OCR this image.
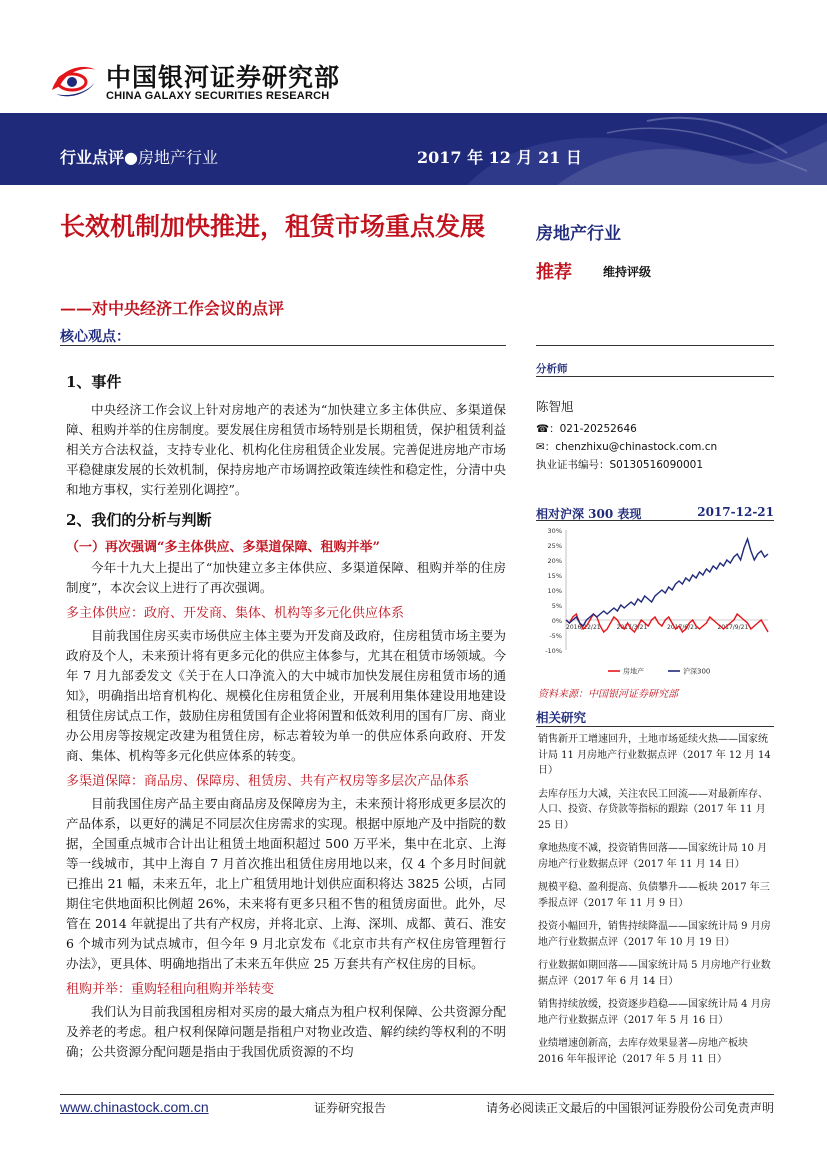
中国银河证券研究部
CHINA GALAXY SECURITIES RESEARCH
行业点评●房地产行业	2017 年 12 月 21 日
长效机制加快推进，租赁市场重点发展
——对中央经济工作会议的点评
核心观点：
1、事件

中央经济工作会议上针对房地产的表述为“加快建立多主体供应、多渠道保障、租购并举的住房制度。要发展住房租赁市场特别是长期租赁，保护租赁利益相关方合法权益，支持专业化、机构化住房租赁企业发展。完善促进房地产市场平稳健康发展的长效机制，保持房地产市场调控政策连续性和稳定性，分清中央和地方事权，实行差别化调控”。

2、我们的分析与判断
（一）再次强调“多主体供应、多渠道保障、租购并举”

今年十九大上提出了“加快建立多主体供应、多渠道保障、租购并举的住房制度”，本次会议上进行了再次强调。

多主体供应：政府、开发商、集体、机构等多元化供应体系

目前我国住房买卖市场供应主体主要为开发商及政府，住房租赁市场主要为政府及个人，未来预计将有更多元化的供应主体参与，尤其在租赁市场领域。今年 7 月九部委发文《关于在人口净流入的大中城市加快发展住房租赁市场的通知》，明确指出培育机构化、规模化住房租赁企业，开展利用集体建设用地建设租赁住房试点工作，鼓励住房租赁国有企业将闲置和低效利用的国有厂房、商业办公用房等按规定改建为租赁住房，标志着较为单一的供应体系向政府、开发商、集体、机构等多元化供应体系的转变。

多渠道保障：商品房、保障房、租赁房、共有产权房等多层次产品体系

目前我国住房产品主要由商品房及保障房为主，未来预计将形成更多层次的产品体系，以更好的满足不同层次住房需求的实现。根据中原地产及中指院的数据，全国重点城市合计出让租赁土地面积超过 500 万平米，集中在北京、上海等一线城市，其中上海自 7 月首次推出租赁住房用地以来，仅 4 个多月时间就已推出 21 幅，未来五年，北上广租赁用地计划供应面积将达 3825 公顷，占同期住宅供地面积比例超 26%，未来将有更多只租不售的租赁房面世。此外，尽管在 2014 年就提出了共有产权房，并将北京、上海、深圳、成都、黄石、淮安 6 个城市列为试点城市，但今年 9 月北京发布《北京市共有产权住房管理暂行办法》，更具体、明确地指出了未来五年供应 25 万套共有产权住房的目标。

租购并举：重购轻租向租购并举转变

我们认为目前我国租房相对买房的最大痛点为租户权利保障、公共资源分配及养老的考虑。租户权利保障问题是指租户对物业改造、解约续约等权利的不明确；公共资源分配问题是指由于我国优质资源的不均

房地产行业
推荐	维持评级
分析师
陈智旭
☎：021-20252646
✉：chenzhixu@chinastock.com.cn
执业证书编号：S0130516090001
相对沪深 300 表现	2017-12-21
30%
25%
20%
15%
10%
5%
0%
-5%
-10%
2016/12/21	2017/3/21	2017/6/21	2017/9/21
房地产	沪深300
资料来源：中国银河证券研究部
相关研究
销售新开工增速回升，土地市场延续火热——国家统计局 11 月房地产行业数据点评（2017 年 12 月 14 日）
去库存压力大减，关注农民工回流——对最新库存、人口、投资、存贷款等指标的跟踪（2017 年 11 月 25 日）
拿地热度不减，投资销售回落——国家统计局 10 月房地产行业数据点评（2017 年 11 月 14 日）
规模平稳、盈利提高、负债攀升——板块 2017 年三季报点评（2017 年 11 月 9 日）
投资小幅回升，销售持续降温——国家统计局 9 月房地产行业数据点评（2017 年 10 月 19 日）
行业数据如期回落——国家统计局 5 月房地产行业数据点评（2017 年 6 月 14 日）
销售持续放缓，投资逐步趋稳——国家统计局 4 月房地产行业数据点评（2017 年 5 月 16 日）
业绩增速创新高，去库存效果显著—房地产板块 2016 年年报评论（2017 年 5 月 11 日）
www.chinastock.com.cn	证券研究报告	请务必阅读正文最后的中国银河证券股份公司免责声明
